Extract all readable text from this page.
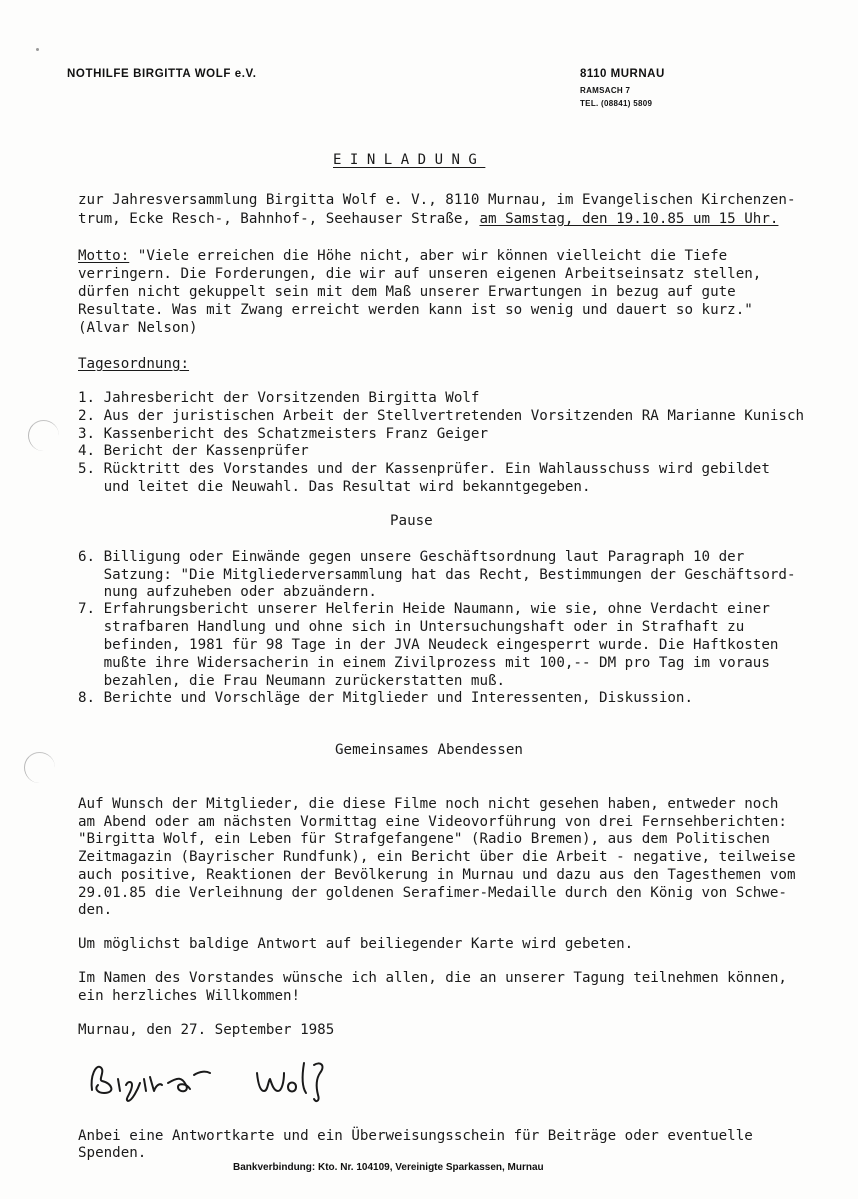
NOTHILFE BIRGITTA WOLF e.V.	8110 MURNAU
RAMSACH 7
TEL. (08841) 5809
EINLADUNG
zur Jahresversammlung Birgitta Wolf e. V., 8110 Murnau, im Evangelischen Kirchenzen-
trum, Ecke Resch-, Bahnhof-, Seehauser Straße, am Samstag, den 19.10.85 um 15 Uhr.
Motto: "Viele erreichen die Höhe nicht, aber wir können vielleicht die Tiefe
verringern. Die Forderungen, die wir auf unseren eigenen Arbeitseinsatz stellen,
dürfen nicht gekuppelt sein mit dem Maß unserer Erwartungen in bezug auf gute
Resultate. Was mit Zwang erreicht werden kann ist so wenig und dauert so kurz."
(Alvar Nelson)
Tagesordnung:
1. Jahresbericht der Vorsitzenden Birgitta Wolf
2. Aus der juristischen Arbeit der Stellvertretenden Vorsitzenden RA Marianne Kunisch
3. Kassenbericht des Schatzmeisters Franz Geiger
4. Bericht der Kassenprüfer
5. Rücktritt des Vorstandes und der Kassenprüfer. Ein Wahlausschuss wird gebildet
und leitet die Neuwahl. Das Resultat wird bekanntgegeben.
Pause
6. Billigung oder Einwände gegen unsere Geschäftsordnung laut Paragraph 10 der
Satzung: "Die Mitgliederversammlung hat das Recht, Bestimmungen der Geschäftsord-
nung aufzuheben oder abzuändern.
7. Erfahrungsbericht unserer Helferin Heide Naumann, wie sie, ohne Verdacht einer
strafbaren Handlung und ohne sich in Untersuchungshaft oder in Strafhaft zu
befinden, 1981 für 98 Tage in der JVA Neudeck eingesperrt wurde. Die Haftkosten
mußte ihre Widersacherin in einem Zivilprozess mit 100,-- DM pro Tag im voraus
bezahlen, die Frau Neumann zurückerstatten muß.
8. Berichte und Vorschläge der Mitglieder und Interessenten, Diskussion.
Gemeinsames Abendessen
Auf Wunsch der Mitglieder, die diese Filme noch nicht gesehen haben, entweder noch
am Abend oder am nächsten Vormittag eine Videovorführung von drei Fernsehberichten:
"Birgitta Wolf, ein Leben für Strafgefangene" (Radio Bremen), aus dem Politischen
Zeitmagazin (Bayrischer Rundfunk), ein Bericht über die Arbeit - negative, teilweise
auch positive, Reaktionen der Bevölkerung in Murnau und dazu aus den Tagesthemen vom
29.01.85 die Verleihnung der goldenen Serafimer-Medaille durch den König von Schwe-
den.
Um möglichst baldige Antwort auf beiliegender Karte wird gebeten.
Im Namen des Vorstandes wünsche ich allen, die an unserer Tagung teilnehmen können,
ein herzliches Willkommen!
Murnau, den 27. September 1985
Birgitta Wolf
Anbei eine Antwortkarte und ein Überweisungsschein für Beiträge oder eventuelle
Spenden.
Bankverbindung: Kto. Nr. 104109, Vereinigte Sparkassen, Murnau
